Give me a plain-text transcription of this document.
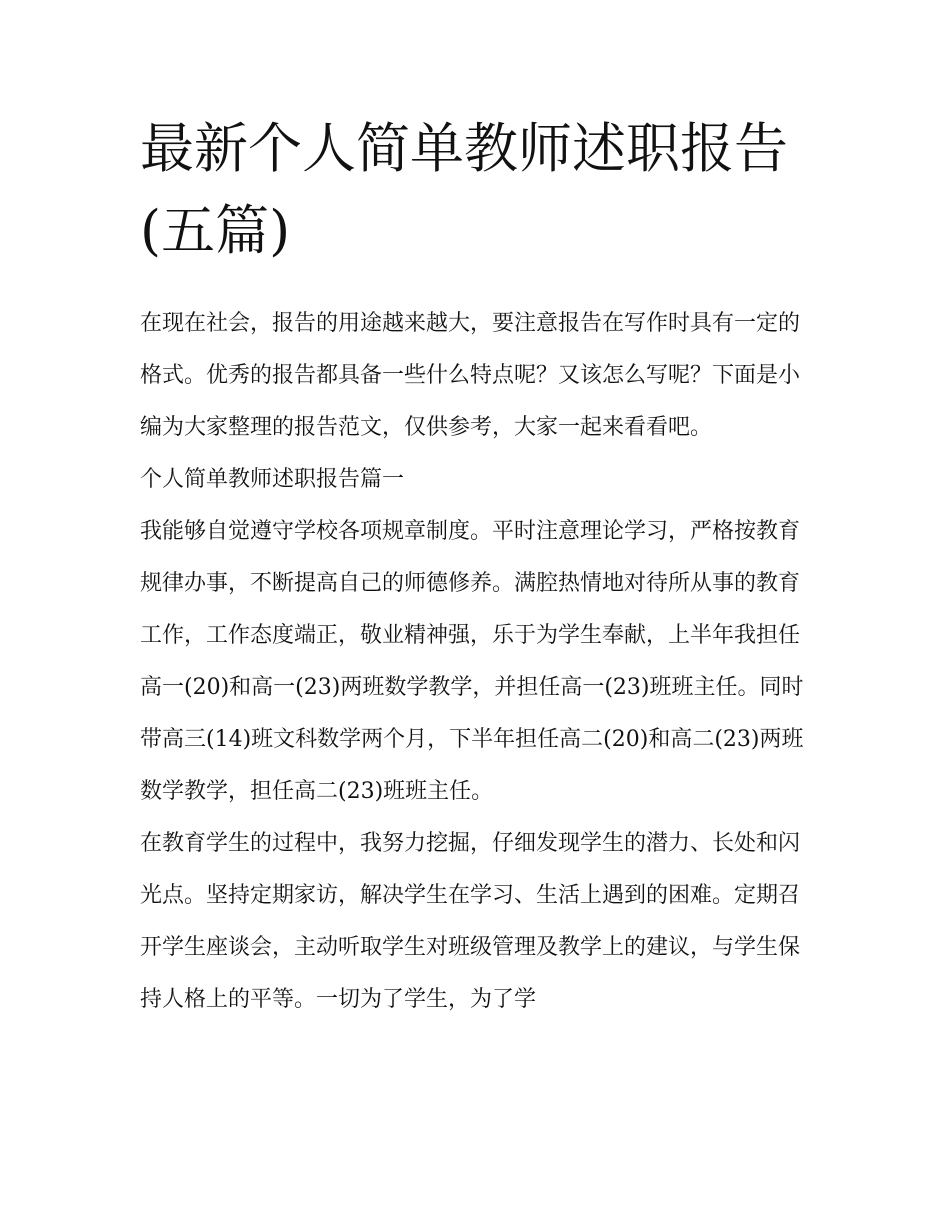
最新个人简单教师述职报告(五篇)

在现在社会，报告的用途越来越大，要注意报告在写作时具有一定的格式。优秀的报告都具备一些什么特点呢？又该怎么写呢？下面是小编为大家整理的报告范文，仅供参考，大家一起来看看吧。

个人简单教师述职报告篇一

我能够自觉遵守学校各项规章制度。平时注意理论学习，严格按教育规律办事，不断提高自己的师德修养。满腔热情地对待所从事的教育工作，工作态度端正，敬业精神强，乐于为学生奉献，上半年我担任高一(20)和高一(23)两班数学教学，并担任高一(23)班班主任。同时带高三(14)班文科数学两个月，下半年担任高二(20)和高二(23)两班数学教学，担任高二(23)班班主任。

在教育学生的过程中，我努力挖掘，仔细发现学生的潜力、长处和闪光点。坚持定期家访，解决学生在学习、生活上遇到的困难。定期召开学生座谈会，主动听取学生对班级管理及教学上的建议，与学生保持人格上的平等。一切为了学生，为了学
